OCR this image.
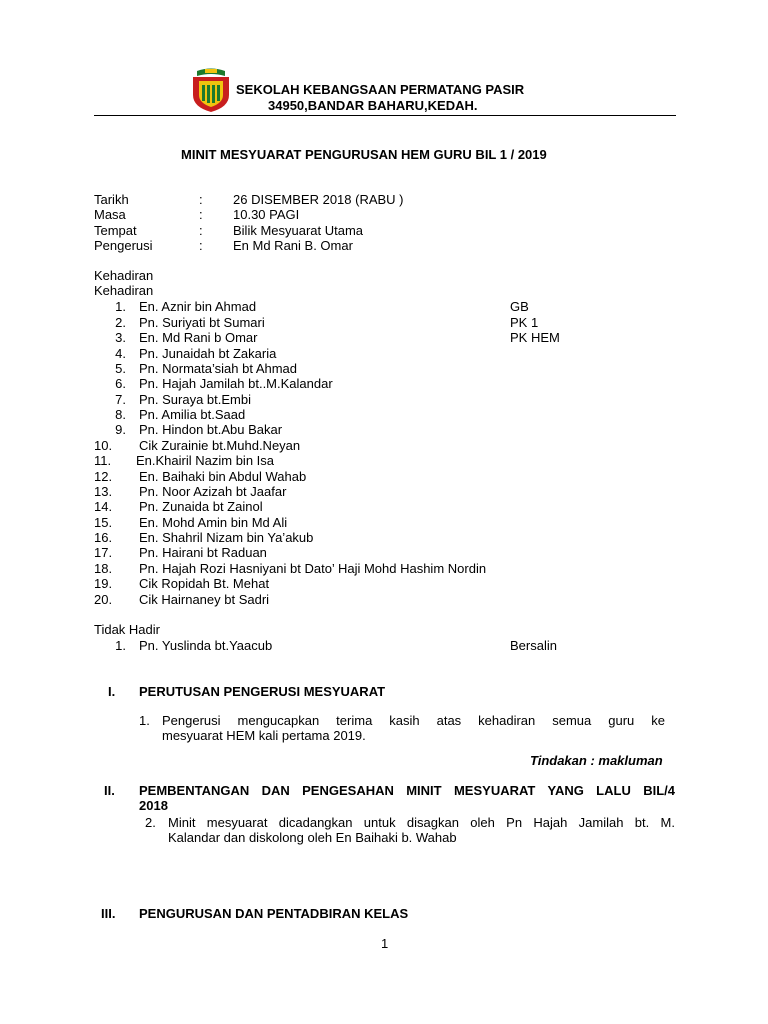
SEKOLAH KEBANGSAAN PERMATANG PASIR
34950,BANDAR BAHARU,KEDAH.
MINIT MESYUARAT PENGURUSAN HEM GURU BIL 1 / 2019
Tarikh	: 26 DISEMBER 2018 (RABU )
Masa	: 10.30 PAGI
Tempat	: Bilik Mesyuarat Utama
Pengerusi	: En Md Rani B. Omar
Kehadiran
Kehadiran
1. En. Aznir bin Ahmad	GB
2. Pn. Suriyati bt Sumari	PK 1
3. En. Md Rani b Omar	PK HEM
4. Pn. Junaidah bt Zakaria
5. Pn. Normata’siah bt Ahmad
6. Pn. Hajah Jamilah bt..M.Kalandar
7. Pn. Suraya bt.Embi
8. Pn. Amilia bt.Saad
9. Pn. Hindon bt.Abu Bakar
10.	Cik Zurainie bt.Muhd.Neyan
11.	En.Khairil Nazim bin Isa
12.	En. Baihaki bin Abdul Wahab
13.	Pn. Noor Azizah bt Jaafar
14.	Pn. Zunaida bt Zainol
15.	En. Mohd Amin bin Md Ali
16.	En. Shahril Nizam bin Ya’akub
17.	Pn. Hairani bt Raduan
18.	Pn. Hajah Rozi Hasniyani bt Dato’ Haji Mohd Hashim Nordin
19.	Cik Ropidah Bt. Mehat
20.	Cik Hairnaney bt Sadri
Tidak Hadir
1. Pn. Yuslinda bt.Yaacub	Bersalin
I. PERUTUSAN PENGERUSI MESYUARAT
1. Pengerusi mengucapkan terima kasih atas kehadiran semua guru ke
mesyuarat HEM kali pertama 2019.
Tindakan : makluman
II. PEMBENTANGAN DAN PENGESAHAN MINIT MESYUARAT YANG LALU BIL/4
2018
2. Minit mesyuarat dicadangkan untuk disagkan oleh Pn Hajah Jamilah bt. M.
Kalandar dan diskolong oleh En Baihaki b. Wahab
III. PENGURUSAN DAN PENTADBIRAN KELAS
1
